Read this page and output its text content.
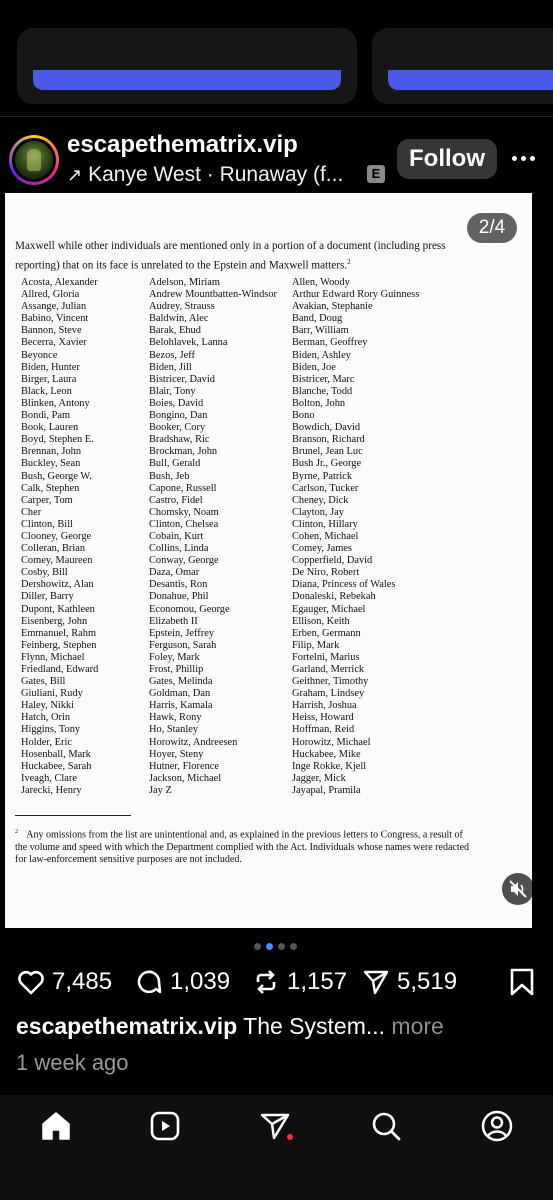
escapethematrix.vip
↗ Kanye West · Runaway (f...	E
Follow
2/4
Maxwell while other individuals are mentioned only in a portion of a document (including press reporting) that on its face is unrelated to the Epstein and Maxwell matters.$^2$
Acosta, Alexander
Allred, Gloria
Assange, Julian
Babino, Vincent
Bannon, Steve
Becerra, Xavier
Beyonce
Biden, Hunter
Birger, Laura
Black, Leon
Blinken, Antony
Bondi, Pam
Book, Lauren
Boyd, Stephen E.
Brennan, John
Buckley, Sean
Bush, George W.
Calk, Stephen
Carper, Tom
Cher
Clinton, Bill
Clooney, George
Colleran, Brian
Comey, Maureen
Cosby, Bill
Dershowitz, Alan
Diller, Barry
Dupont, Kathleen
Eisenberg, John
Emmanuel, Rahm
Feinberg, Stephen
Flynn, Michael
Friedland, Edward
Gates, Bill
Giuliani, Rudy
Haley, Nikki
Hatch, Orin
Higgins, Tony
Holder, Eric
Hosenball, Mark
Huckabee, Sarah
Iveagh, Clare
Jarecki, Henry
Adelson, Miriam
Andrew Mountbatten-Windsor
Audrey, Strauss
Baldwin, Alec
Barak, Ehud
Belohlavek, Lanna
Bezos, Jeff
Biden, Jill
Bistricer, David
Blair, Tony
Boies, David
Bongino, Dan
Booker, Cory
Bradshaw, Ric
Brockman, John
Bull, Gerald
Bush, Jeb
Capone, Russell
Castro, Fidel
Chomsky, Noam
Clinton, Chelsea
Cobain, Kurt
Collins, Linda
Conway, George
Daza, Omar
Desantis, Ron
Donahue, Phil
Economou, George
Elizabeth II
Epstein, Jeffrey
Ferguson, Sarah
Foley, Mark
Frost, Phillip
Gates, Melinda
Goldman, Dan
Harris, Kamala
Hawk, Rony
Ho, Stanley
Horowitz, Andreesen
Hoyer, Steny
Hutner, Florence
Jackson, Michael
Jay Z
Allen, Woody
Arthur Edward Rory Guinness
Avakian, Stephanie
Band, Doug
Barr, William
Berman, Geoffrey
Biden, Ashley
Biden, Joe
Bistricer, Marc
Blanche, Todd
Bolton, John
Bono
Bowdich, David
Branson, Richard
Brunel, Jean Luc
Bush Jr., George
Byrne, Patrick
Carlson, Tucker
Cheney, Dick
Clayton, Jay
Clinton, Hillary
Cohen, Michael
Comey, James
Copperfield, David
De Niro, Robert
Diana, Princess of Wales
Donaleski, Rebekah
Egauger, Michael
Ellison, Keith
Erben, Germann
Filip, Mark
Fortelni, Marius
Garland, Merrick
Geithner, Timothy
Graham, Lindsey
Harrish, Joshua
Heiss, Howard
Hoffman, Reid
Horowitz, Michael
Huckabee, Mike
Inge Rokke, Kjell
Jagger, Mick
Jayapal, Pramila
$^2$ Any omissions from the list are unintentional and, as explained in the previous letters to Congress, a result of the volume and speed with which the Department complied with the Act. Individuals whose names were redacted for law-enforcement sensitive purposes are not included.
7,485 1,039 1,157 5,519
escapethematrix.vip The System... more
1 week ago
